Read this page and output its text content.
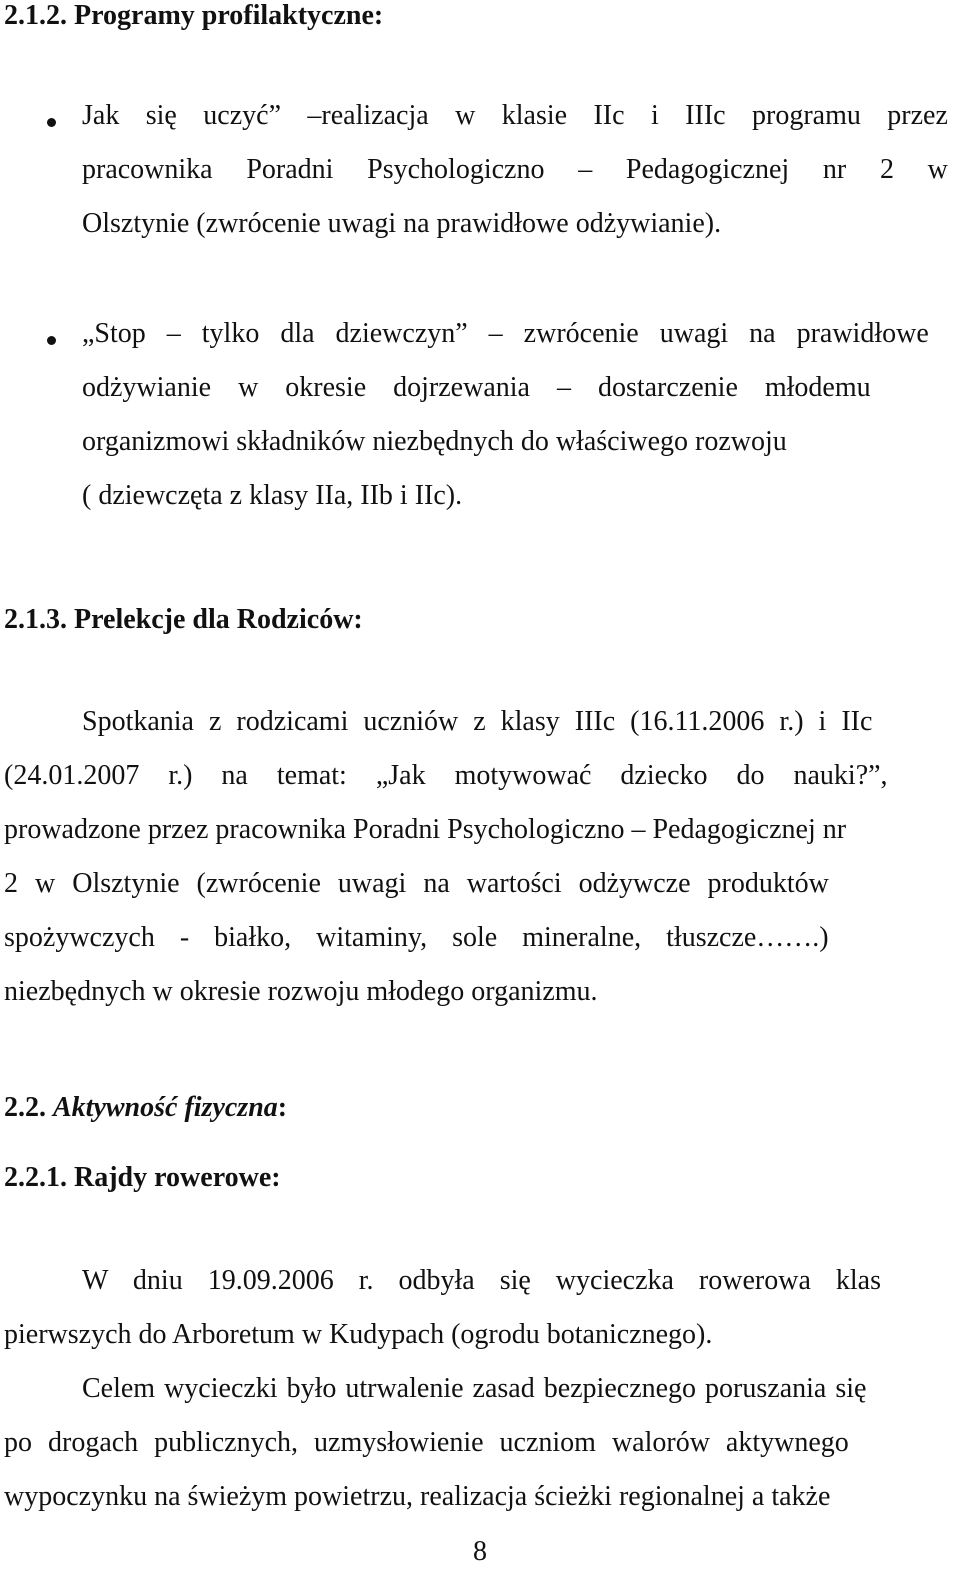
2.1.2. Programy profilaktyczne:
Jak się uczyć” –realizacja w klasie IIc i IIIc programu przez
pracownika Poradni Psychologiczno – Pedagogicznej nr 2 w
Olsztynie (zwrócenie uwagi na prawidłowe odżywianie).
„Stop – tylko dla dziewczyn” – zwrócenie uwagi na prawidłowe
odżywianie w okresie dojrzewania – dostarczenie młodemu
organizmowi składników niezbędnych do właściwego rozwoju
( dziewczęta z klasy IIa, IIb i IIc).
2.1.3. Prelekcje dla Rodziców:
Spotkania z rodzicami uczniów z klasy IIIc (16.11.2006 r.) i IIc
(24.01.2007 r.) na temat: „Jak motywować dziecko do nauki?”,
prowadzone przez pracownika Poradni Psychologiczno – Pedagogicznej nr
2 w Olsztynie (zwrócenie uwagi na wartości odżywcze produktów
spożywczych - białko, witaminy, sole mineralne, tłuszcze…….)
niezbędnych w okresie rozwoju młodego organizmu.
2.2. Aktywność fizyczna:
2.2.1. Rajdy rowerowe:
W dniu 19.09.2006 r. odbyła się wycieczka rowerowa klas
pierwszych do Arboretum w Kudypach (ogrodu botanicznego).
Celem wycieczki było utrwalenie zasad bezpiecznego poruszania się
po drogach publicznych, uzmysłowienie uczniom walorów aktywnego
wypoczynku na świeżym powietrzu, realizacja ścieżki regionalnej a także
8
